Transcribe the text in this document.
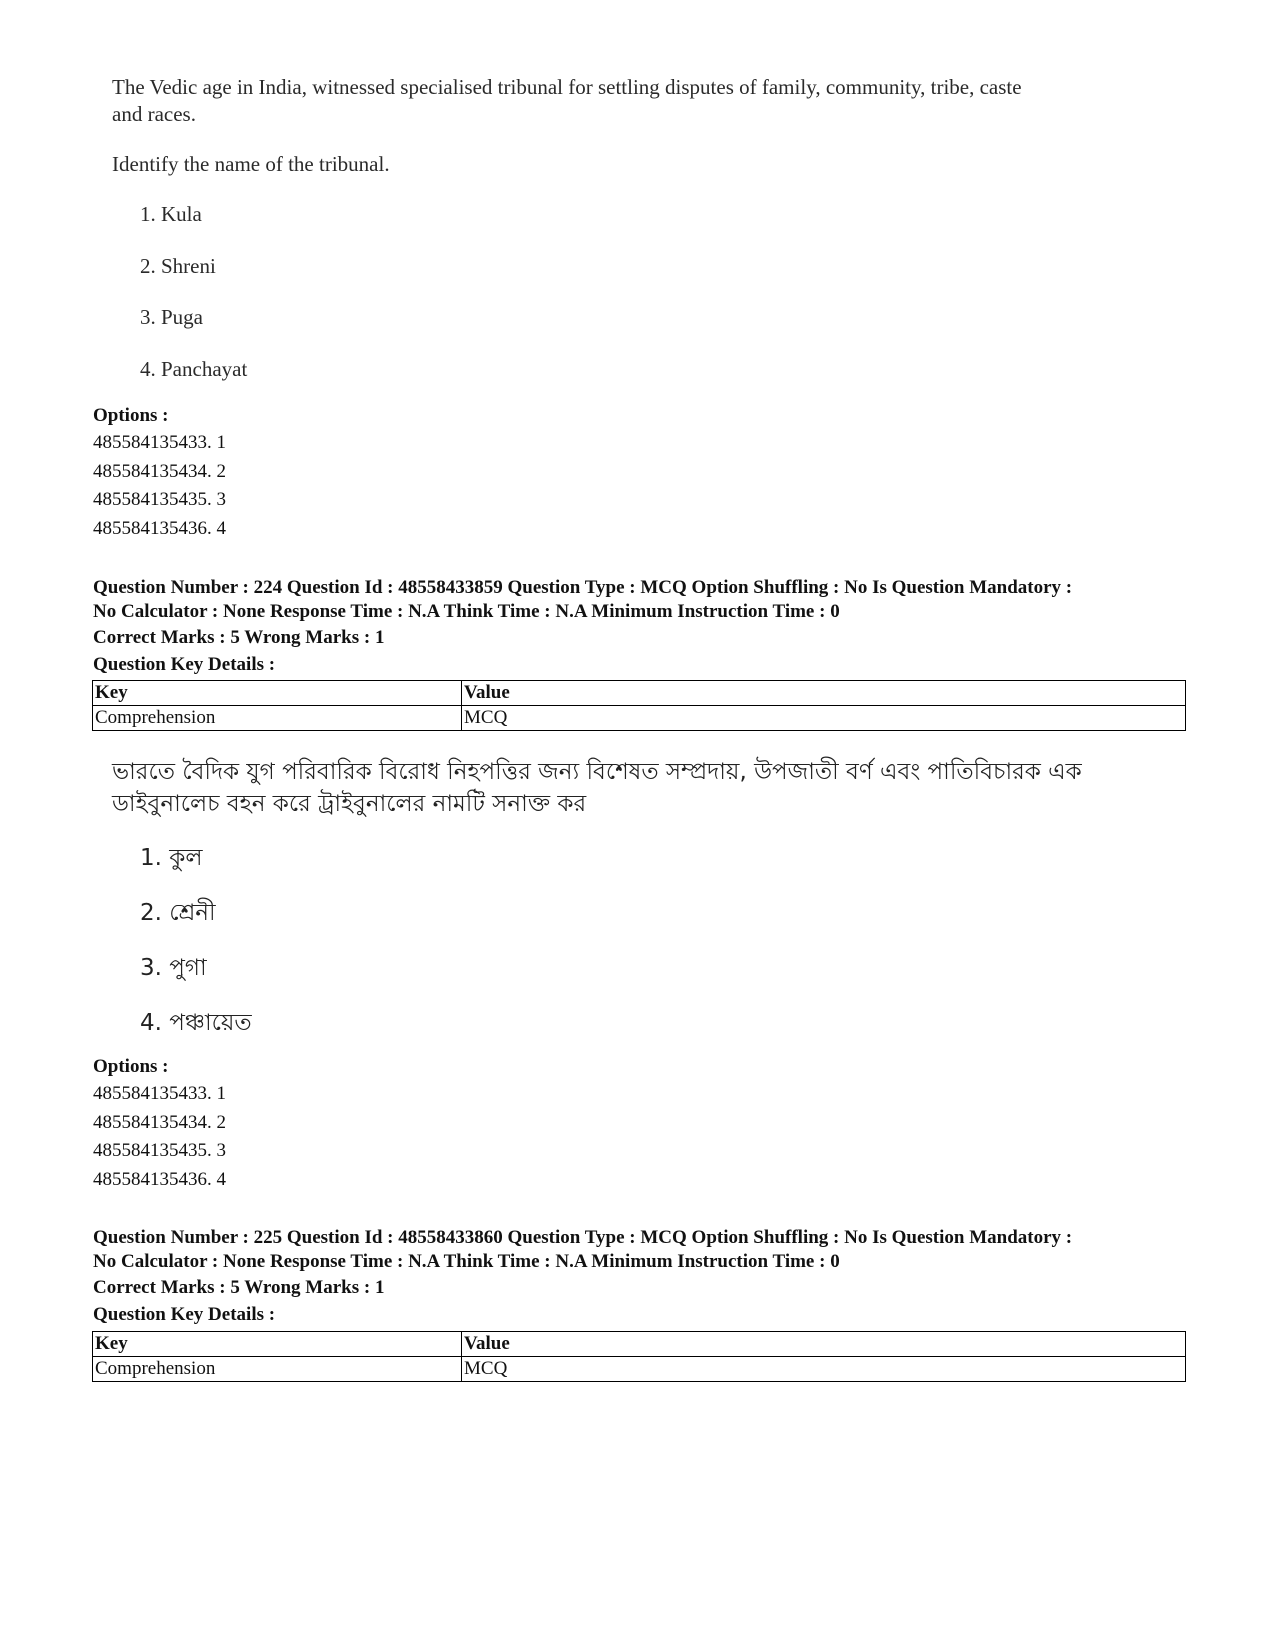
The Vedic age in India, witnessed specialised tribunal for settling disputes of family, community, tribe, caste

and races.

Identify the name of the tribunal.
1. Kula
2. Shreni
3. Puga
4. Panchayat
Options :
485584135433. 1
485584135434. 2
485584135435. 3
485584135436. 4
Question Number : 224 Question Id : 48558433859 Question Type : MCQ Option Shuffling : No Is Question Mandatory :
No Calculator : None Response Time : N.A Think Time : N.A Minimum Instruction Time : 0
Correct Marks : 5 Wrong Marks : 1
Question Key Details :
Key	Value
Comprehension	MCQ
ভারতে বৈদিক যুগ পরিবারিক বিরোধ নিহপত্তির জন্য বিশেষত সম্প্রদায়, উপজাতী বর্ণ এবং পাতিবিচারক এক
ডাইবুনালেচ বহন করে ট্রাইবুনালের নামটি সনাক্ত কর
1. কুল
2. শ্রেনী
3. পুগা
4. পঞ্চায়েত
Options :
485584135433. 1
485584135434. 2
485584135435. 3
485584135436. 4
Question Number : 225 Question Id : 48558433860 Question Type : MCQ Option Shuffling : No Is Question Mandatory :
No Calculator : None Response Time : N.A Think Time : N.A Minimum Instruction Time : 0
Correct Marks : 5 Wrong Marks : 1
Question Key Details :
Key	Value
Comprehension	MCQ
